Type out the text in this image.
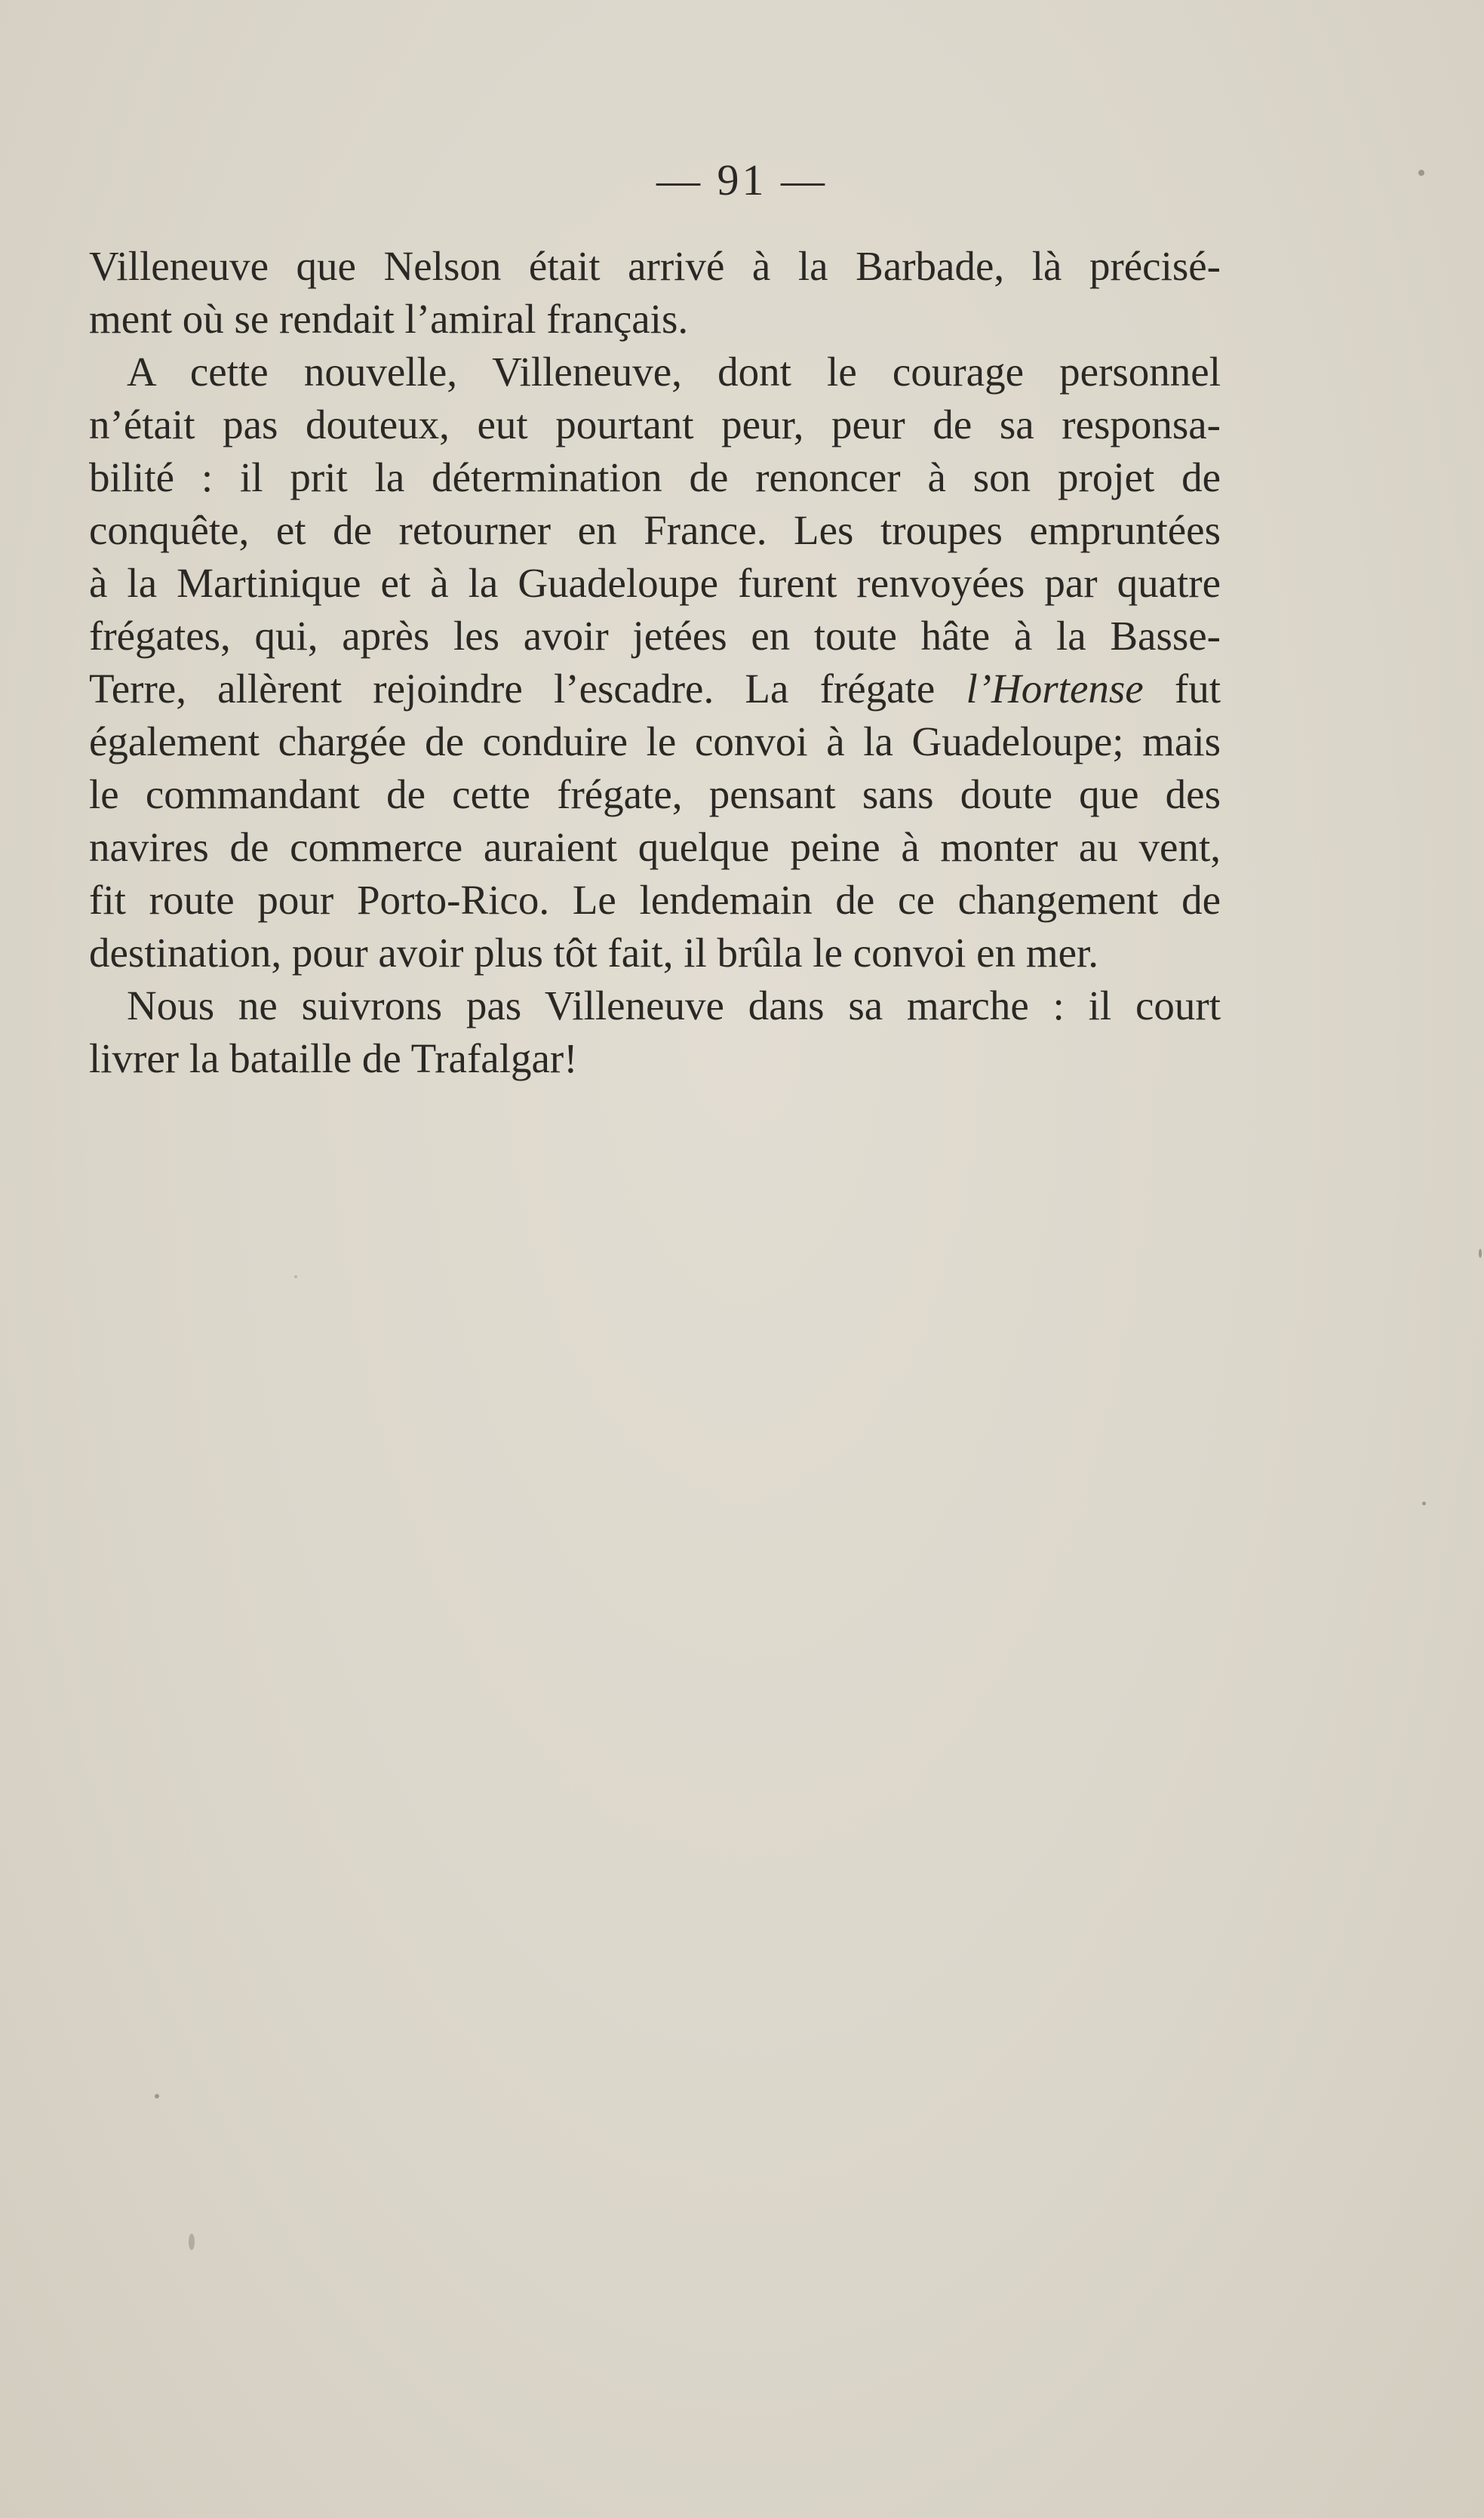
— 91 —
Villeneuve que Nelson était arrivé à la Barbade, là précisé-
ment où se rendait l’amiral français.
A cette nouvelle, Villeneuve, dont le courage personnel
n’était pas douteux, eut pourtant peur, peur de sa responsa-
bilité : il prit la détermination de renoncer à son projet de
conquête, et de retourner en France. Les troupes empruntées
à la Martinique et à la Guadeloupe furent renvoyées par quatre
frégates, qui, après les avoir jetées en toute hâte à la Basse-
Terre, allèrent rejoindre l’escadre. La frégate l’Hortense fut
également chargée de conduire le convoi à la Guadeloupe; mais
le commandant de cette frégate, pensant sans doute que des
navires de commerce auraient quelque peine à monter au vent,
fit route pour Porto-Rico. Le lendemain de ce changement de
destination, pour avoir plus tôt fait, il brûla le convoi en mer.
Nous ne suivrons pas Villeneuve dans sa marche : il court
livrer la bataille de Trafalgar!
